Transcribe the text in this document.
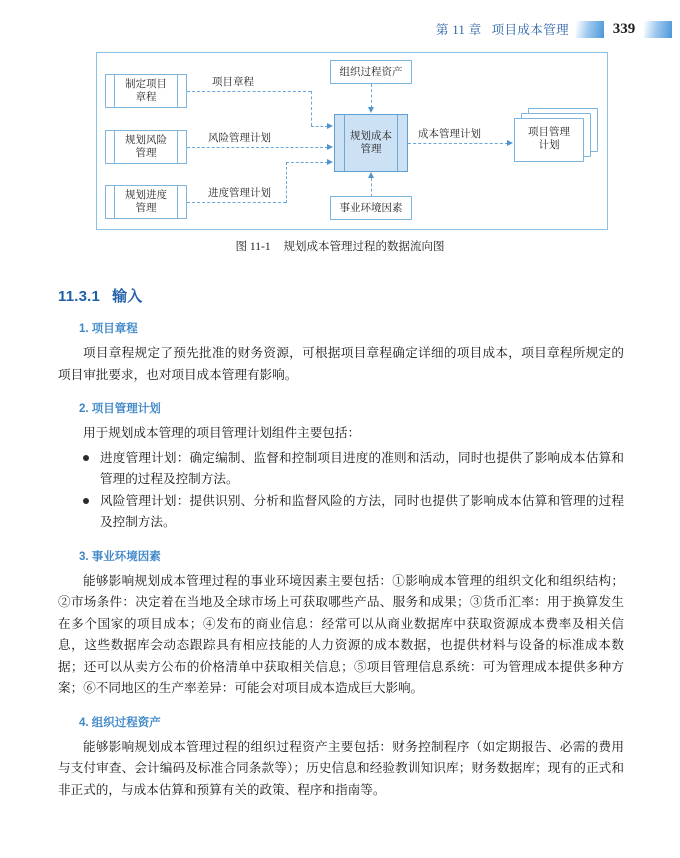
第 11 章 项目成本管理	339
制定项目
章程
规划风险
管理
规划进度
管理
组织过程资产
规划成本
管理
事业环境因素
项目管理
计划
项目章程
风险管理计划
进度管理计划
成本管理计划
图 11-1 规划成本管理过程的数据流向图
11.3.1 输入
1. 项目章程

项目章程规定了预先批准的财务资源，可根据项目章程确定详细的项目成本，项目章程所规定的项目审批要求，也对项目成本管理有影响。

2. 项目管理计划

用于规划成本管理的项目管理计划组件主要包括：

进度管理计划：确定编制、监督和控制项目进度的准则和活动，同时也提供了影响成本估算和管理的过程及控制方法。
风险管理计划：提供识别、分析和监督风险的方法，同时也提供了影响成本估算和管理的过程及控制方法。
3. 事业环境因素

能够影响规划成本管理过程的事业环境因素主要包括：①影响成本管理的组织文化和组织结构；②市场条件：决定着在当地及全球市场上可获取哪些产品、服务和成果；③货币汇率：用于换算发生在多个国家的项目成本；④发布的商业信息：经常可以从商业数据库中获取资源成本费率及相关信息，这些数据库会动态跟踪具有相应技能的人力资源的成本数据，也提供材料与设备的标准成本数据；还可以从卖方公布的价格清单中获取相关信息；⑤项目管理信息系统：可为管理成本提供多种方案；⑥不同地区的生产率差异：可能会对项目成本造成巨大影响。

4. 组织过程资产

能够影响规划成本管理过程的组织过程资产主要包括：财务控制程序（如定期报告、必需的费用与支付审查、会计编码及标准合同条款等）；历史信息和经验教训知识库；财务数据库；现有的正式和非正式的，与成本估算和预算有关的政策、程序和指南等。
